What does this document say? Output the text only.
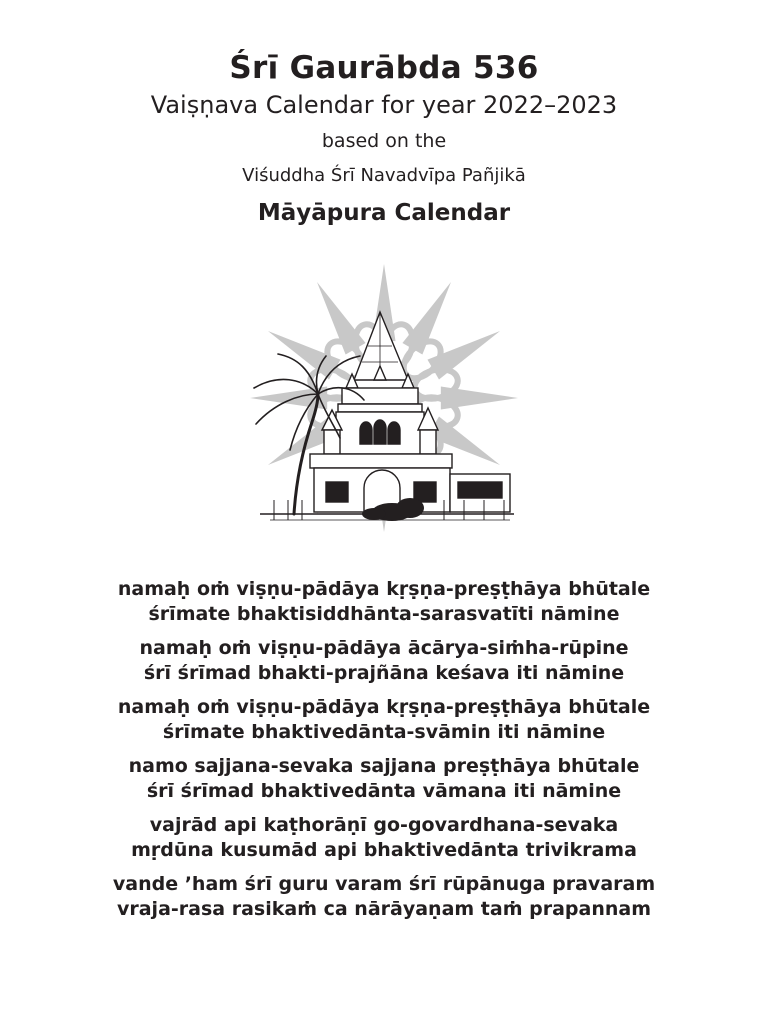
Śrī Gaurābda 536
Vaiṣṇava Calendar for year 2022–2023
based on the
Viśuddha Śrī Navadvīpa Pañjikā
Māyāpura Calendar
namaḥ oṁ viṣṇu-pādāya kṛṣṇa-preṣṭhāya bhūtale
śrīmate bhaktisiddhānta-sarasvatīti nāmine
namaḥ oṁ viṣṇu-pādāya ācārya-siṁha-rūpine
śrī śrīmad bhakti-prajñāna keśava iti nāmine
namaḥ oṁ viṣṇu-pādāya kṛṣṇa-preṣṭhāya bhūtale
śrīmate bhaktivedānta-svāmin iti nāmine
namo sajjana-sevaka sajjana preṣṭhāya bhūtale
śrī śrīmad bhaktivedānta vāmana iti nāmine
vajrād api kaṭhorāṇī go-govardhana-sevaka
mṛdūna kusumād api bhaktivedānta trivikrama
vande ’ham śrī guru varam śrī rūpānuga pravaram
vraja-rasa rasikaṁ ca nārāyaṇam taṁ prapannam
